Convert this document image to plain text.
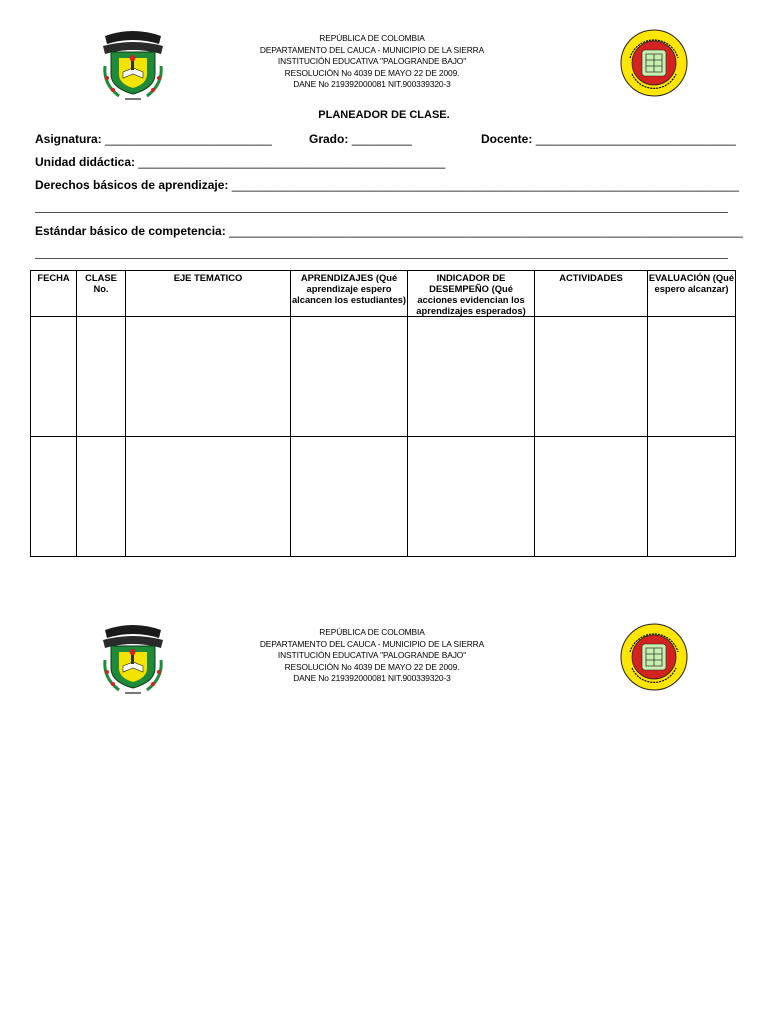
REPÚBLICA DE COLOMBIA
DEPARTAMENTO DEL CAUCA - MUNICIPIO DE LA SIERRA
INSTITUCIÓN EDUCATIVA "PALOGRANDE BAJO"
RESOLUCIÓN No 4039 DE MAYO 22 DE 2009.
DANE No 219392000081 NIT.900339320-3
PLANEADOR DE CLASE.
Asignatura: _________________________	Grado: _________	Docente: ______________________________
Unidad didáctica: ______________________________________________
Derechos básicos de aprendizaje: ____________________________________________________________________________
Estándar básico de competencia: _____________________________________________________________________________
FECHA	CLASE No.	EJE TEMATICO	APRENDIZAJES (Qué aprendizaje espero alcancen los estudiantes)	INDICADOR DE DESEMPEÑO (Qué acciones evidencian los aprendizajes esperados)	ACTIVIDADES	EVALUACIÓN (Qué espero alcanzar)

REPÚBLICA DE COLOMBIA
DEPARTAMENTO DEL CAUCA - MUNICIPIO DE LA SIERRA
INSTITUCIÓN EDUCATIVA "PALOGRANDE BAJO"
RESOLUCIÓN No 4039 DE MAYO 22 DE 2009.
DANE No 219392000081 NIT.900339320-3
